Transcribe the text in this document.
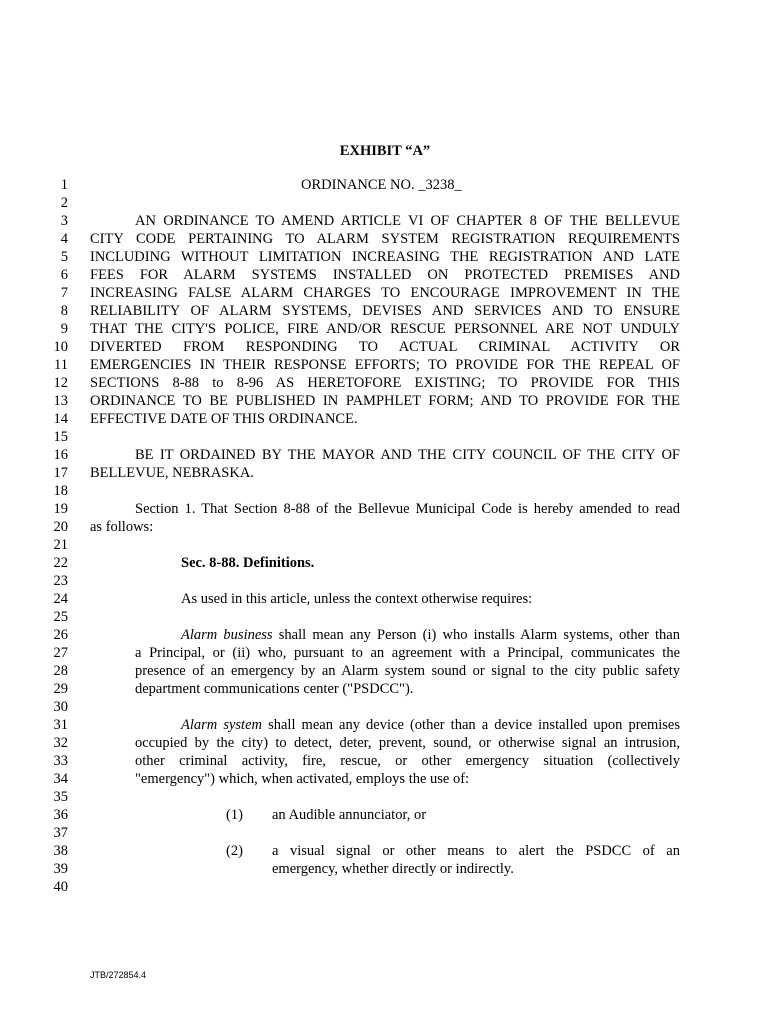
EXHIBIT “A”
1
2
3
4
5
6
7
8
9
10
11
12
13
14
15
16
17
18
19
20
21
22
23
24
25
26
27
28
29
30
31
32
33
34
35
36
37
38
39
40
ORDINANCE NO. _3238_
AN ORDINANCE TO AMEND ARTICLE VI OF CHAPTER 8 OF THE BELLEVUE
CITY CODE PERTAINING TO ALARM SYSTEM REGISTRATION REQUIREMENTS
INCLUDING WITHOUT LIMITATION INCREASING THE REGISTRATION AND LATE
FEES FOR ALARM SYSTEMS INSTALLED ON PROTECTED PREMISES AND
INCREASING FALSE ALARM CHARGES TO ENCOURAGE IMPROVEMENT IN THE
RELIABILITY OF ALARM SYSTEMS, DEVISES AND SERVICES AND TO ENSURE
THAT THE CITY'S POLICE, FIRE AND/OR RESCUE PERSONNEL ARE NOT UNDULY
DIVERTED FROM RESPONDING TO ACTUAL CRIMINAL ACTIVITY OR
EMERGENCIES IN THEIR RESPONSE EFFORTS; TO PROVIDE FOR THE REPEAL OF
SECTIONS 8-88 to 8-96 AS HERETOFORE EXISTING; TO PROVIDE FOR THIS
ORDINANCE TO BE PUBLISHED IN PAMPHLET FORM; AND TO PROVIDE FOR THE
EFFECTIVE DATE OF THIS ORDINANCE.
BE IT ORDAINED BY THE MAYOR AND THE CITY COUNCIL OF THE CITY OF
BELLEVUE, NEBRASKA.
Section 1. That Section 8-88 of the Bellevue Municipal Code is hereby amended to read
as follows:
Sec. 8-88. Definitions.
As used in this article, unless the context otherwise requires:
Alarm business shall mean any Person (i) who installs Alarm systems, other than
a Principal, or (ii) who, pursuant to an agreement with a Principal, communicates the
presence of an emergency by an Alarm system sound or signal to the city public safety
department communications center ("PSDCC").
Alarm system shall mean any device (other than a device installed upon premises
occupied by the city) to detect, deter, prevent, sound, or otherwise signal an intrusion,
other criminal activity, fire, rescue, or other emergency situation (collectively
"emergency") which, when activated, employs the use of:
(1) an Audible annunciator, or
(2) a visual signal or other means to alert the PSDCC of an
emergency, whether directly or indirectly.
JTB/272854.4
